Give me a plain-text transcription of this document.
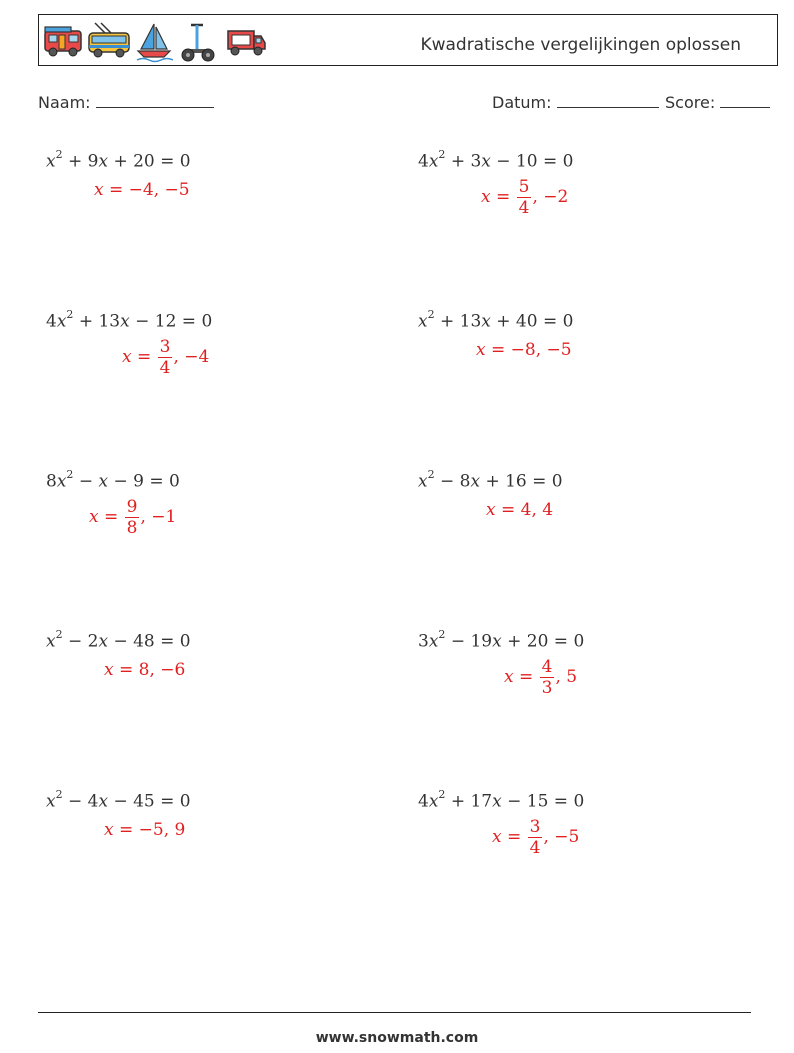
Kwadratische vergelijkingen oplossen
Naam:	Datum:	Score:
$x^2 + 9x + 20 = 0$
x = −4, −5
$4x^2 + 3x - 10 = 0$
$x = \frac{5}{4}$ , −2
$4x^2 + 13x - 12 = 0$
$x = \frac{3}{4}$ , −4
$x^2 + 13x + 40 = 0$
x = −8, −5
$8x^2 - x - 9 = 0$
$x = \frac{9}{8}$ , −1
$x^2 - 8x + 16 = 0$
x = 4, 4
$x^2 - 2x - 48 = 0$
x = 8, −6
$3x^2 - 19x + 20 = 0$
$x = \frac{4}{3}$ , 5
$x^2 - 4x - 45 = 0$
x = −5, 9
$4x^2 + 17x - 15 = 0$
$x = \frac{3}{4}$ , −5
www.snowmath.com
